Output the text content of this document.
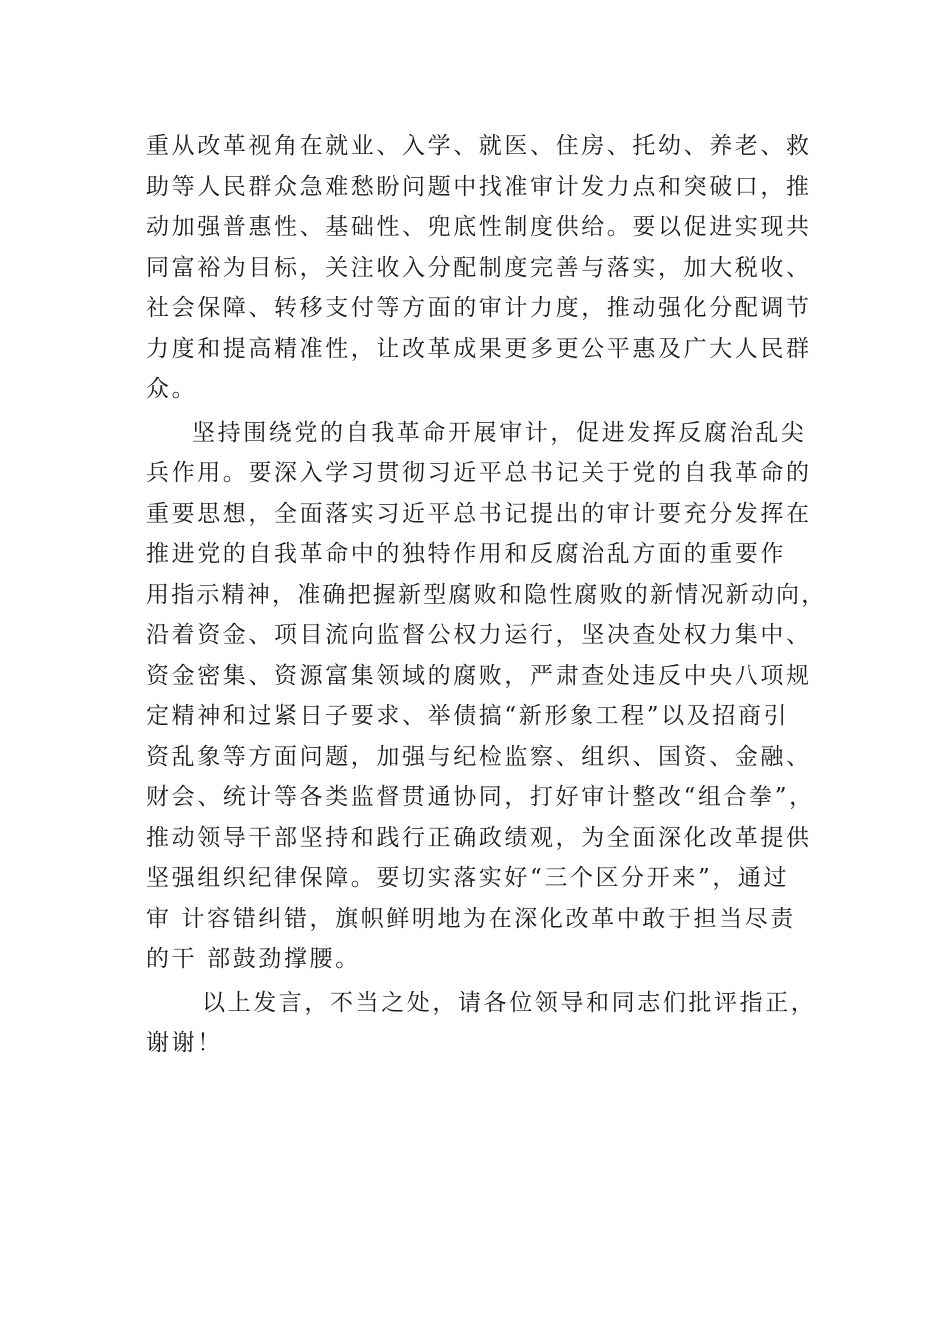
重从改革视角在就业、入学、就医、住房、托幼、养老、救
助等人民群众急难愁盼问题中找准审计发力点和突破口，推
动加强普惠性、基础性、兜底性制度供给。要以促进实现共
同富裕为目标，关注收入分配制度完善与落实，加大税收、
社会保障、转移支付等方面的审计力度，推动强化分配调节
力度和提高精准性，让改革成果更多更公平惠及广大人民群
众。
坚持围绕党的自我革命开展审计，促进发挥反腐治乱尖
兵作用。要深入学习贯彻习近平总书记关于党的自我革命的
重要思想，全面落实习近平总书记提出的审计要充分发挥在
推进党的自我革命中的独特作用和反腐治乱方面的重要作
用指示精神，准确把握新型腐败和隐性腐败的新情况新动向，
沿着资金、项目流向监督公权力运行，坚决查处权力集中、
资金密集、资源富集领域的腐败，严肃查处违反中央八项规
定精神和过紧日子要求、举债搞“新形象工程”以及招商引
资乱象等方面问题，加强与纪检监察、组织、国资、金融、
财会、统计等各类监督贯通协同，打好审计整改“组合拳”，
推动领导干部坚持和践行正确政绩观，为全面深化改革提供
坚强组织纪律保障。要切实落实好“三个区分开来”，通过
审 计容错纠错，旗帜鲜明地为在深化改革中敢于担当尽责
的干 部鼓劲撑腰。
以上发言，不当之处，请各位领导和同志们批评指正，
谢谢！
